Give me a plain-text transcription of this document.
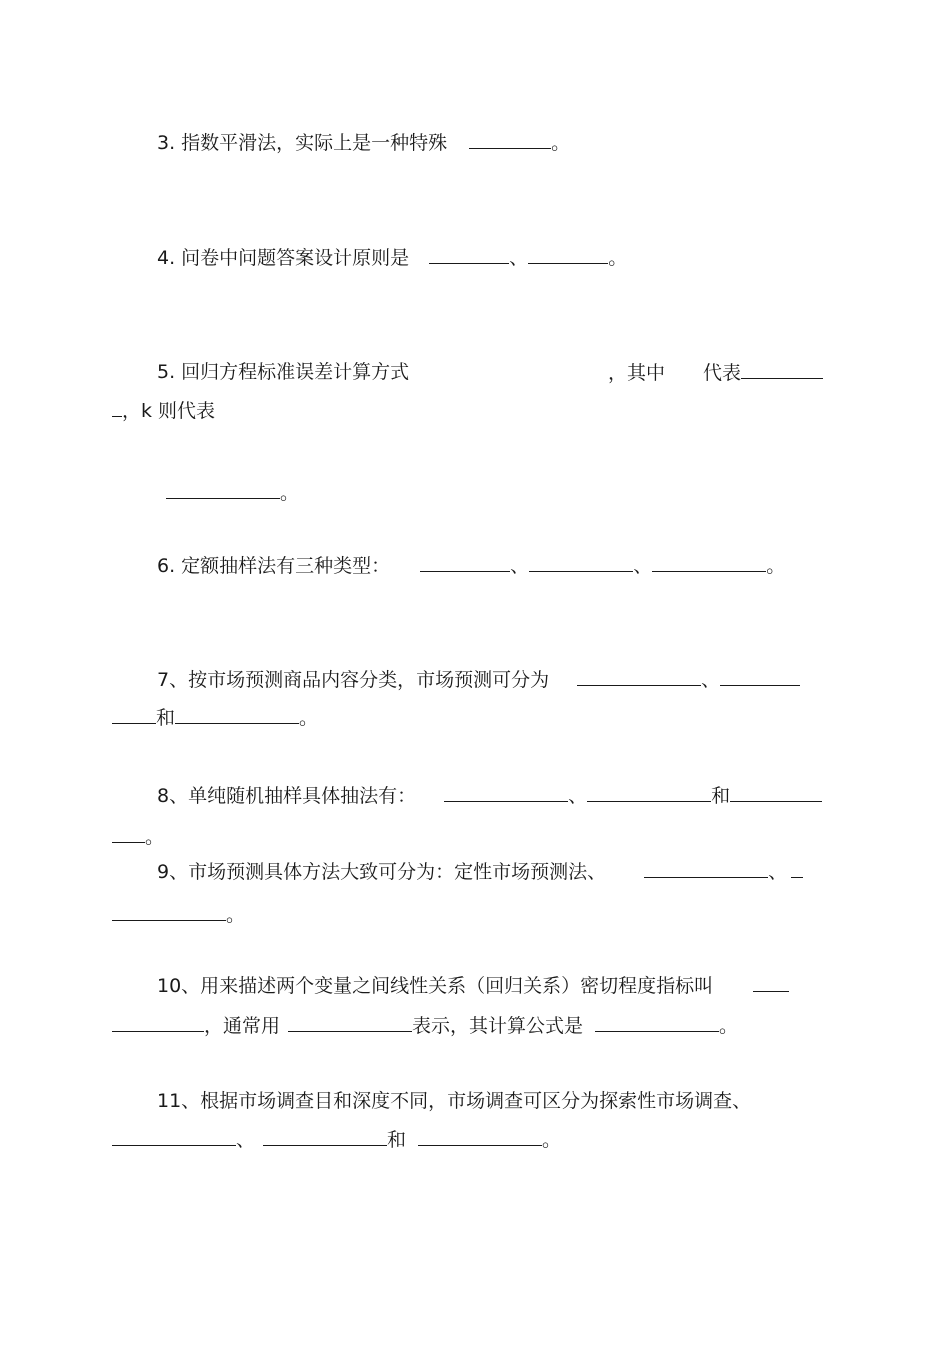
3. 指数平滑法，实际上是一种特殊	。
4. 问卷中问题答案设计原则是	、	。
5. 回归方程标准误差计算方式	，其中 代表
，k 则代表
。
6. 定额抽样法有三种类型：	、	、	。
7、按市场预测商品内容分类，市场预测可分为	、
和	。
8、单纯随机抽样具体抽法有：	、	和
。
9、市场预测具体方法大致可分为：定性市场预测法、	、
。
10、用来描述两个变量之间线性关系（回归关系）密切程度指标叫
，通常用	表示，其计算公式是	。
11、根据市场调查目和深度不同，市场调查可区分为探索性市场调查、
、	和	。
